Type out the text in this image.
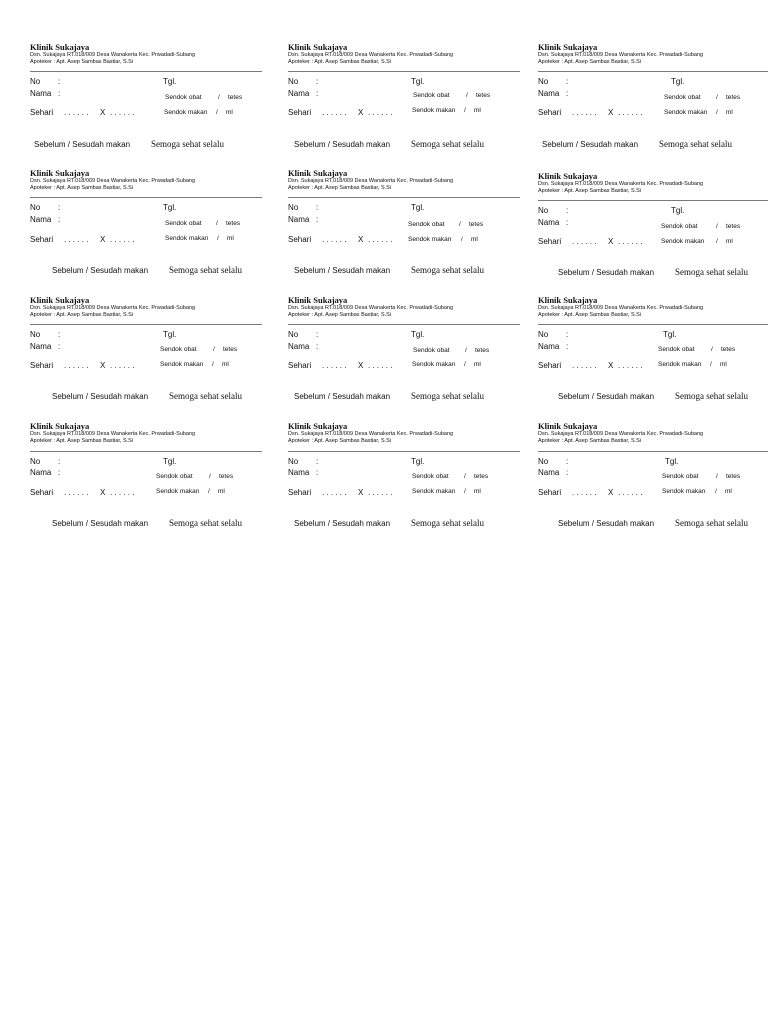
Klinik Sukajaya
Dsn. Sukajaya RT.018/009 Desa Wanakerta Kec. Prwadadi-Subang
Apoteker : Apt. Asep Sambas Bastiar, S.Si
No :
Nama :
Tgl.
Sendok obat	/ tetes
Sehari . . . . . . X . . . . . .	Sendok makan / ml
Sebelum / Sesudah makan Semoga sehat selalu
Klinik Sukajaya
Dsn. Sukajaya RT.018/009 Desa Wanakerta Kec. Prwadadi-Subang
Apoteker : Apt. Asep Sambas Bastiar, S.Si
No :
Nama :
Tgl.
Sendok obat	/ tetes
Sehari . . . . . . X . . . . . .	Sendok makan / ml
Sebelum / Sesudah makan Semoga sehat selalu
Klinik Sukajaya
Dsn. Sukajaya RT.018/009 Desa Wanakerta Kec. Prwadadi-Subang
Apoteker : Apt. Asep Sambas Bastiar, S.Si
No :
Nama :
Tgl.
Sendok obat / tetes
Sehari . . . . . . X . . . . . .	Sendok makan / ml
Sebelum / Sesudah makan Semoga sehat selalu
Klinik Sukajaya
Dsn. Sukajaya RT.018/009 Desa Wanakerta Kec. Prwadadi-Subang
Apoteker : Apt. Asep Sambas Bastiar, S.Si
No :
Nama :
Tgl.
Sendok obat / tetes
Sehari . . . . . . X . . . . . .	Sendok makan / ml
Sebelum / Sesudah makan Semoga sehat selalu
Klinik Sukajaya
Dsn. Sukajaya RT.018/009 Desa Wanakerta Kec. Prwadadi-Subang
Apoteker : Apt. Asep Sambas Bastiar, S.Si
No :
Nama :
Tgl.
Sendok obat / tetes
Sehari . . . . . . X . . . . . . Sendok makan / ml
Sebelum / Sesudah makan Semoga sehat selalu
Klinik Sukajaya
Dsn. Sukajaya RT.018/009 Desa Wanakerta Kec. Prwadadi-Subang
Apoteker : Apt. Asep Sambas Bastiar, S.Si
No :
Nama :
Tgl.
Sendok obat	/ tetes
Sehari . . . . . . X . . . . . .	Sendok makan / ml
Sebelum / Sesudah makan Semoga sehat selalu
Klinik Sukajaya
Dsn. Sukajaya RT.018/009 Desa Wanakerta Kec. Prwadadi-Subang
Apoteker : Apt. Asep Sambas Bastiar, S.Si
No :
Nama :
Tgl.
Sendok obat	/ tetes
Sehari . . . . . . X . . . . . .	Sendok makan / ml
Sebelum / Sesudah makan Semoga sehat selalu
Klinik Sukajaya
Dsn. Sukajaya RT.018/009 Desa Wanakerta Kec. Prwadadi-Subang
Apoteker : Apt. Asep Sambas Bastiar, S.Si
No :
Nama :
Tgl.
Sendok obat / tetes
Sehari . . . . . . X . . . . . .	Sendok makan / ml
Sebelum / Sesudah makan Semoga sehat selalu
Klinik Sukajaya
Dsn. Sukajaya RT.018/009 Desa Wanakerta Kec. Prwadadi-Subang
Apoteker : Apt. Asep Sambas Bastiar, S.Si
No :
Nama :
Tgl.
Sendok obat	/ tetes
Sehari . . . . . . X . . . . . . Sendok makan / ml
Sebelum / Sesudah makan Semoga sehat selalu
Klinik Sukajaya
Dsn. Sukajaya RT.018/009 Desa Wanakerta Kec. Prwadadi-Subang
Apoteker : Apt. Asep Sambas Bastiar, S.Si
No :
Nama :
Tgl.
Sendok obat	/ tetes
Sehari . . . . . . X . . . . . .	Sendok makan / ml
Sebelum / Sesudah makan Semoga sehat selalu
Klinik Sukajaya
Dsn. Sukajaya RT.018/009 Desa Wanakerta Kec. Prwadadi-Subang
Apoteker : Apt. Asep Sambas Bastiar, S.Si
No :
Nama :
Tgl.
Sendok obat / tetes
Sehari . . . . . . X . . . . . .	Sendok makan / ml
Sebelum / Sesudah makan Semoga sehat selalu
Klinik Sukajaya
Dsn. Sukajaya RT.018/009 Desa Wanakerta Kec. Prwadadi-Subang
Apoteker : Apt. Asep Sambas Bastiar, S.Si
No :
Nama :
Tgl.
Sendok obat	/ tetes
Sehari . . . . . . X . . . . . .	Sendok makan / ml
Sebelum / Sesudah makan Semoga sehat selalu
